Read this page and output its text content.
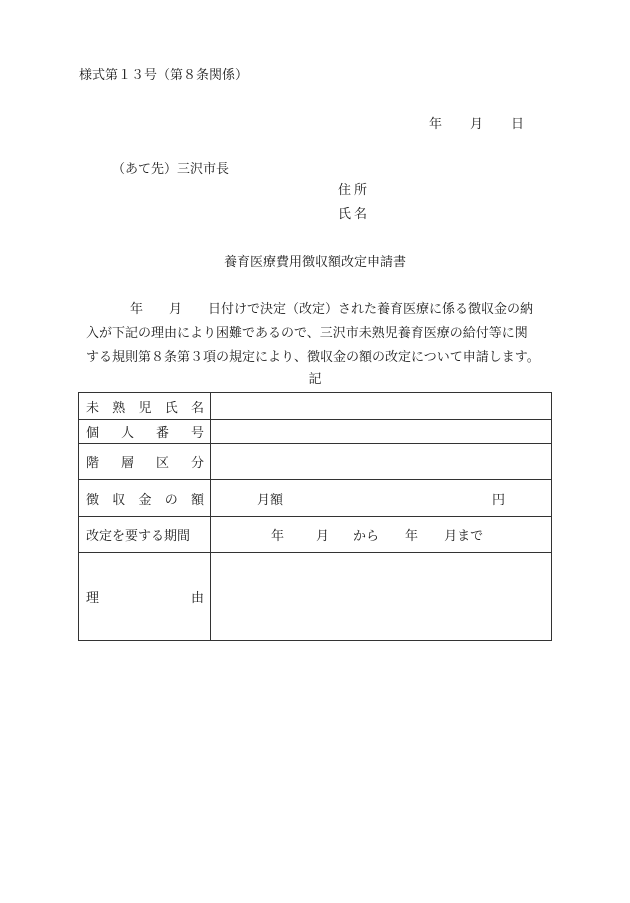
様式第１３号（第８条関係）
年 月 日
（あて先）三沢市長
住所
氏名
養育医療費用徴収額改定申請書
年　　月　　日付けで決定（改定）された養育医療に係る徴収金の納
入が下記の理由により困難であるので、三沢市未熟児養育医療の給付等に関
する規則第８条第３項の規定により、徴収金の額の改定について申請します。
記
未 熟 児 氏 名	

個 人 番 号	

階 層 区 分	

徴 収 金 の 額	月額 円

改定を要する期間	年 月 から 年 月まで

理 由	
